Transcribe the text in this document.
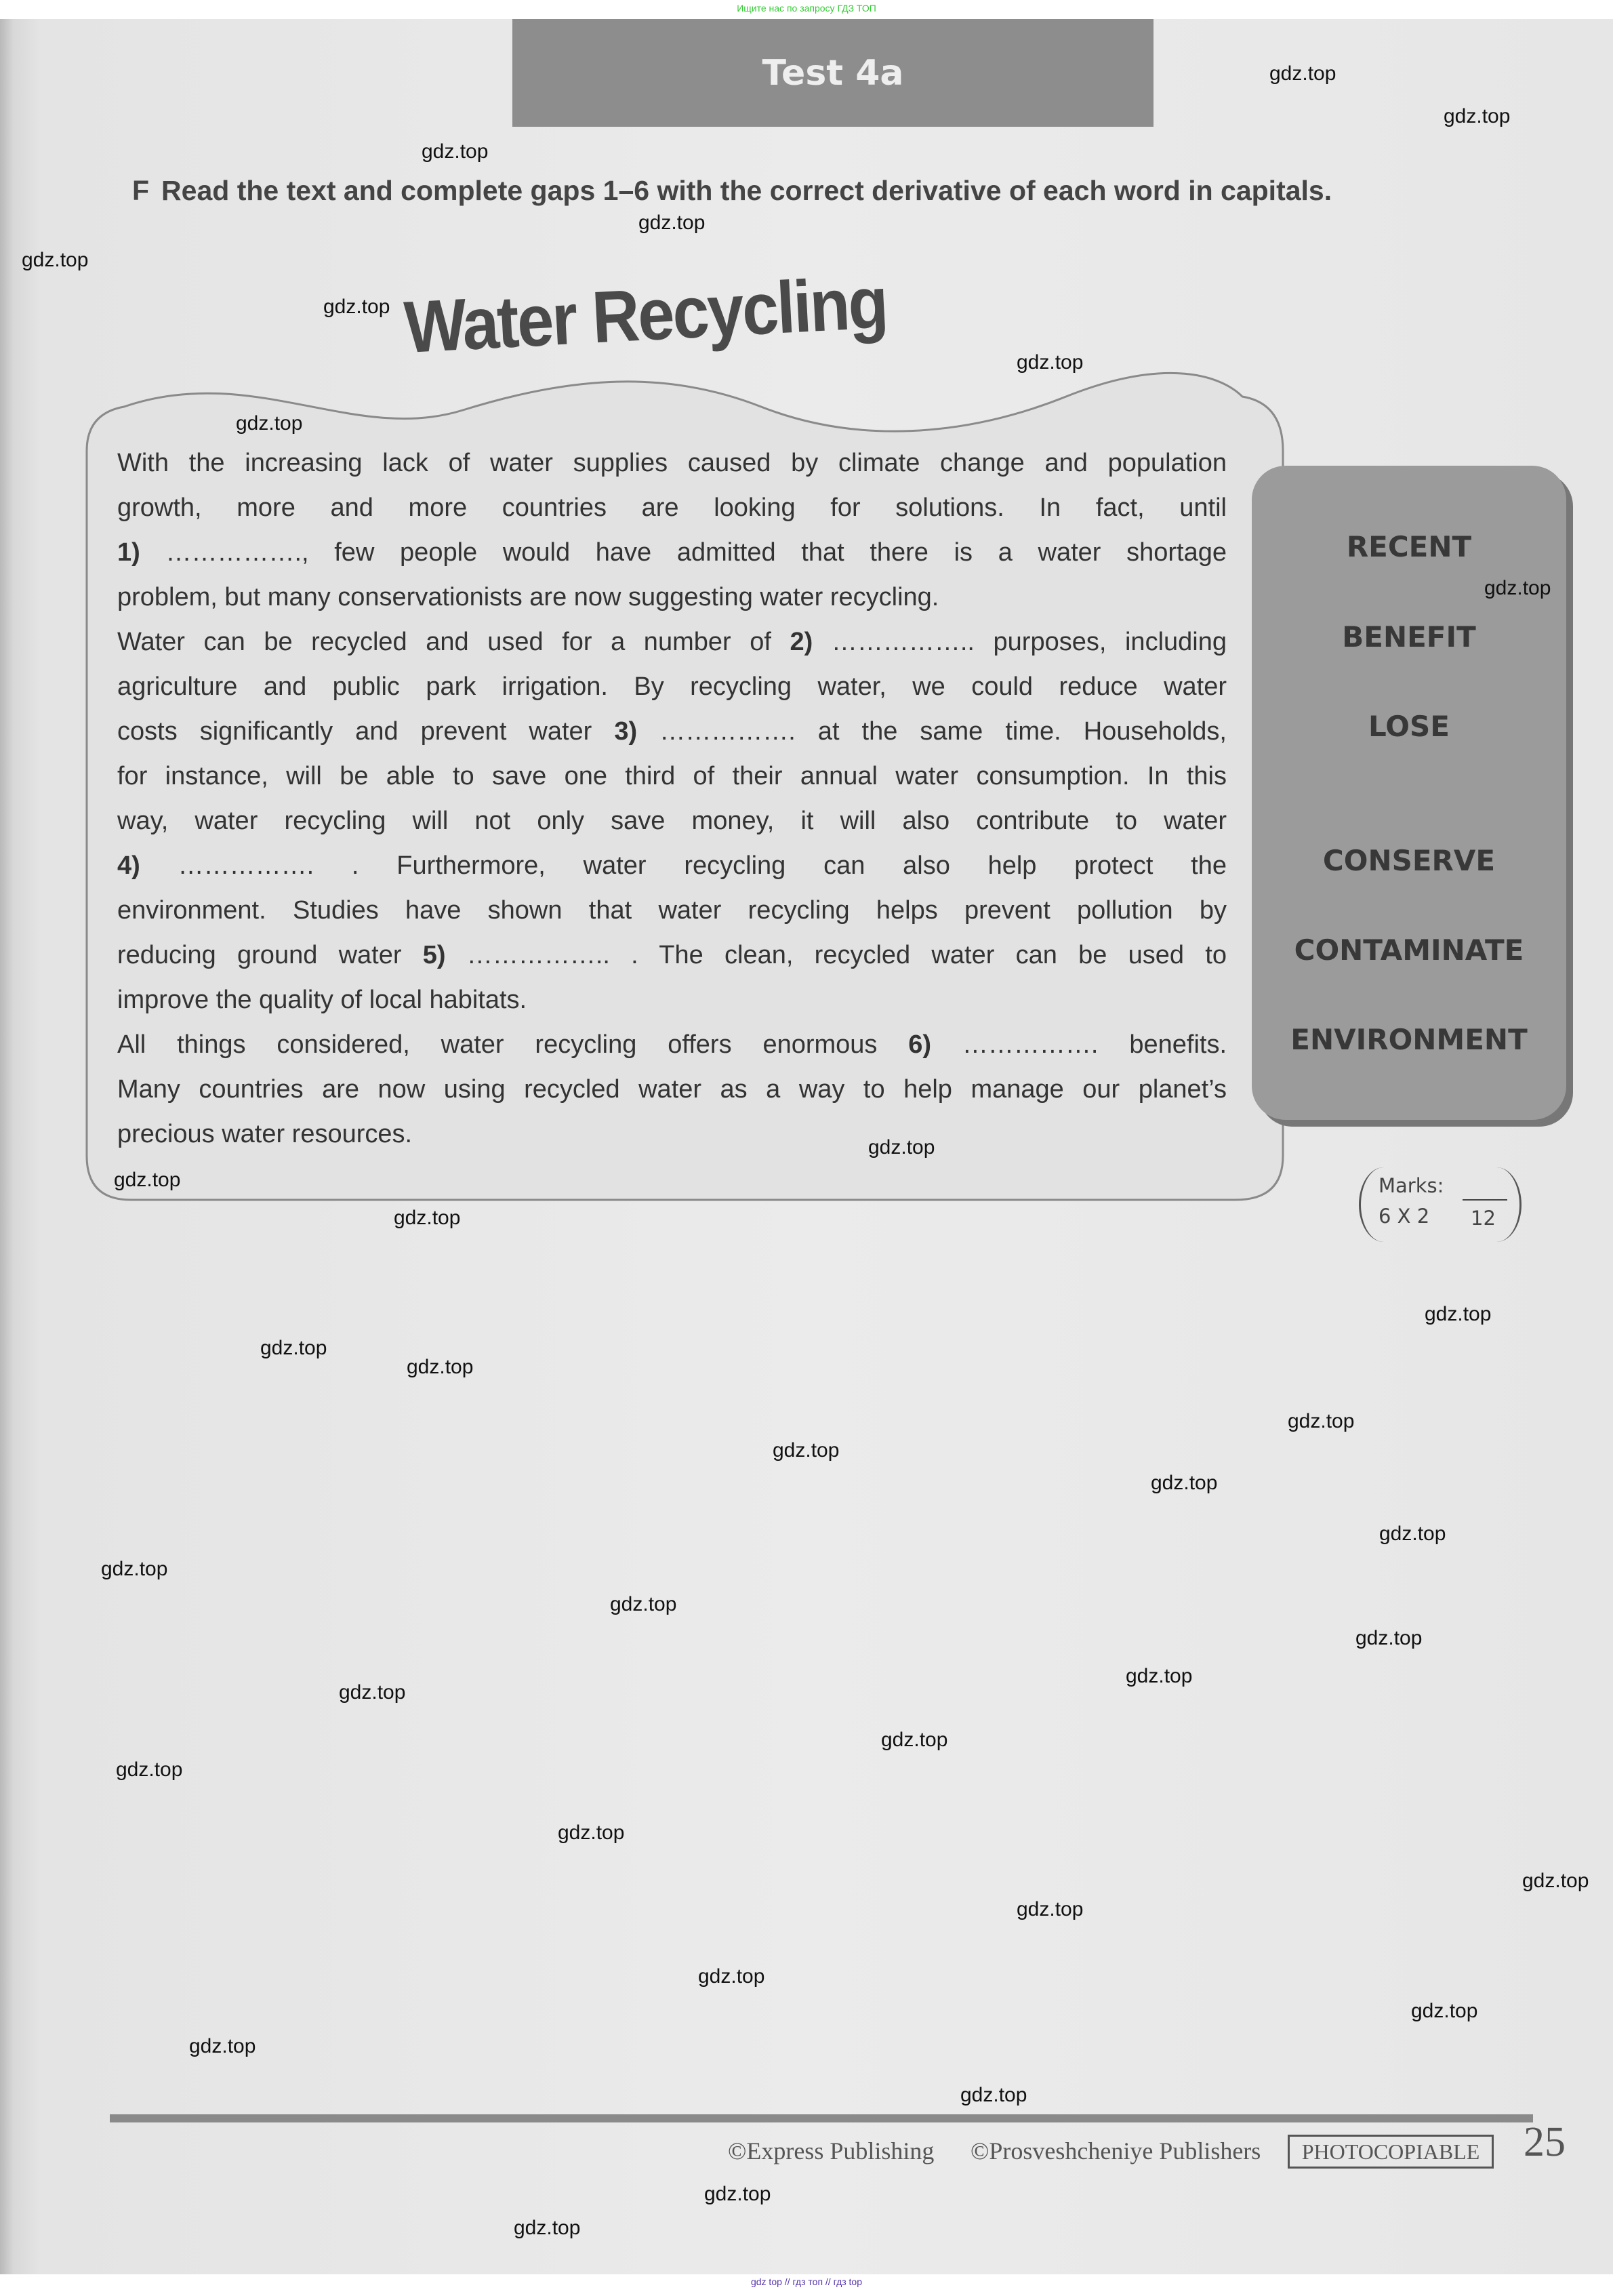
Ищите нас по запросу ГДЗ ТОП
Test 4a
F Read the text and complete gaps 1–6 with the correct derivative of each word in capitals.
Water Recycling
With the increasing lack of water supplies caused by climate change and population
growth, more and more countries are looking for solutions. In fact, until
1) ……………., few people would have admitted that there is a water shortage
problem, but many conservationists are now suggesting water recycling.
Water can be recycled and used for a number of 2) …………….. purposes, including
agriculture and public park irrigation. By recycling water, we could reduce water
costs significantly and prevent water 3) ……………. at the same time. Households,
for instance, will be able to save one third of their annual water consumption. In this
way, water recycling will not only save money, it will also contribute to water
4) ……………. . Furthermore, water recycling can also help protect the
environment. Studies have shown that water recycling helps prevent pollution by
reducing ground water 5) …………….. . The clean, recycled water can be used to
improve the quality of local habitats.
All things considered, water recycling offers enormous 6) ……………. benefits.
Many countries are now using recycled water as a way to help manage our planet’s
precious water resources.
RECENT
BENEFIT
LOSE
CONSERVE
CONTAMINATE
ENVIRONMENT
Marks:
6 X 2 12
©Express Publishing ©Prosveshcheniye Publishers	PHOTOCOPIABLE	25
gdz.top
gdz.top
gdz.top
gdz.top
gdz.top
gdz.top
gdz.top
gdz.top
gdz.top
gdz.top
gdz.top
gdz.top
gdz.top
gdz.top
gdz.top
gdz.top
gdz.top
gdz.top
gdz.top
gdz.top
gdz.top
gdz.top
gdz.top
gdz.top
gdz.top
gdz.top
gdz.top
gdz.top
gdz.top
gdz.top
gdz.top
gdz.top
gdz.top
gdz.top
gdz.top
gdz top // гдз топ // гдз top
